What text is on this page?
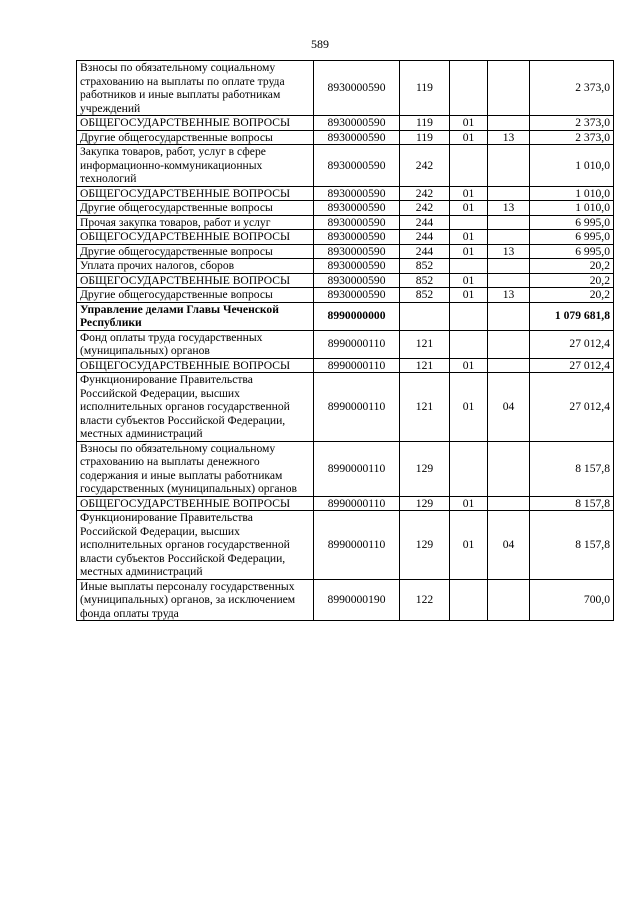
589
Взносы по обязательному социальному страхованию на выплаты по оплате труда работников и иные выплаты работникам учреждений	8930000590	119			2 373,0
ОБЩЕГОСУДАРСТВЕННЫЕ ВОПРОСЫ	8930000590	119	01		2 373,0
Другие общегосударственные вопросы	8930000590	119	01	13	2 373,0
Закупка товаров, работ, услуг в сфере информационно-коммуникационных технологий	8930000590	242			1 010,0
ОБЩЕГОСУДАРСТВЕННЫЕ ВОПРОСЫ	8930000590	242	01		1 010,0
Другие общегосударственные вопросы	8930000590	242	01	13	1 010,0
Прочая закупка товаров, работ и услуг	8930000590	244			6 995,0
ОБЩЕГОСУДАРСТВЕННЫЕ ВОПРОСЫ	8930000590	244	01		6 995,0
Другие общегосударственные вопросы	8930000590	244	01	13	6 995,0
Уплата прочих налогов, сборов	8930000590	852			20,2
ОБЩЕГОСУДАРСТВЕННЫЕ ВОПРОСЫ	8930000590	852	01		20,2
Другие общегосударственные вопросы	8930000590	852	01	13	20,2
Управление делами Главы Чеченской Республики	8990000000				1 079 681,8
Фонд оплаты труда государственных (муниципальных) органов	8990000110	121			27 012,4
ОБЩЕГОСУДАРСТВЕННЫЕ ВОПРОСЫ	8990000110	121	01		27 012,4
Функционирование Правительства Российской Федерации, высших исполнительных органов государственной власти субъектов Российской Федерации, местных администраций	8990000110	121	01	04	27 012,4
Взносы по обязательному социальному страхованию на выплаты денежного содержания и иные выплаты работникам государственных (муниципальных) органов	8990000110	129			8 157,8
ОБЩЕГОСУДАРСТВЕННЫЕ ВОПРОСЫ	8990000110	129	01		8 157,8
Функционирование Правительства Российской Федерации, высших исполнительных органов государственной власти субъектов Российской Федерации, местных администраций	8990000110	129	01	04	8 157,8
Иные выплаты персоналу государственных (муниципальных) органов, за исключением фонда оплаты труда	8990000190	122			700,0
